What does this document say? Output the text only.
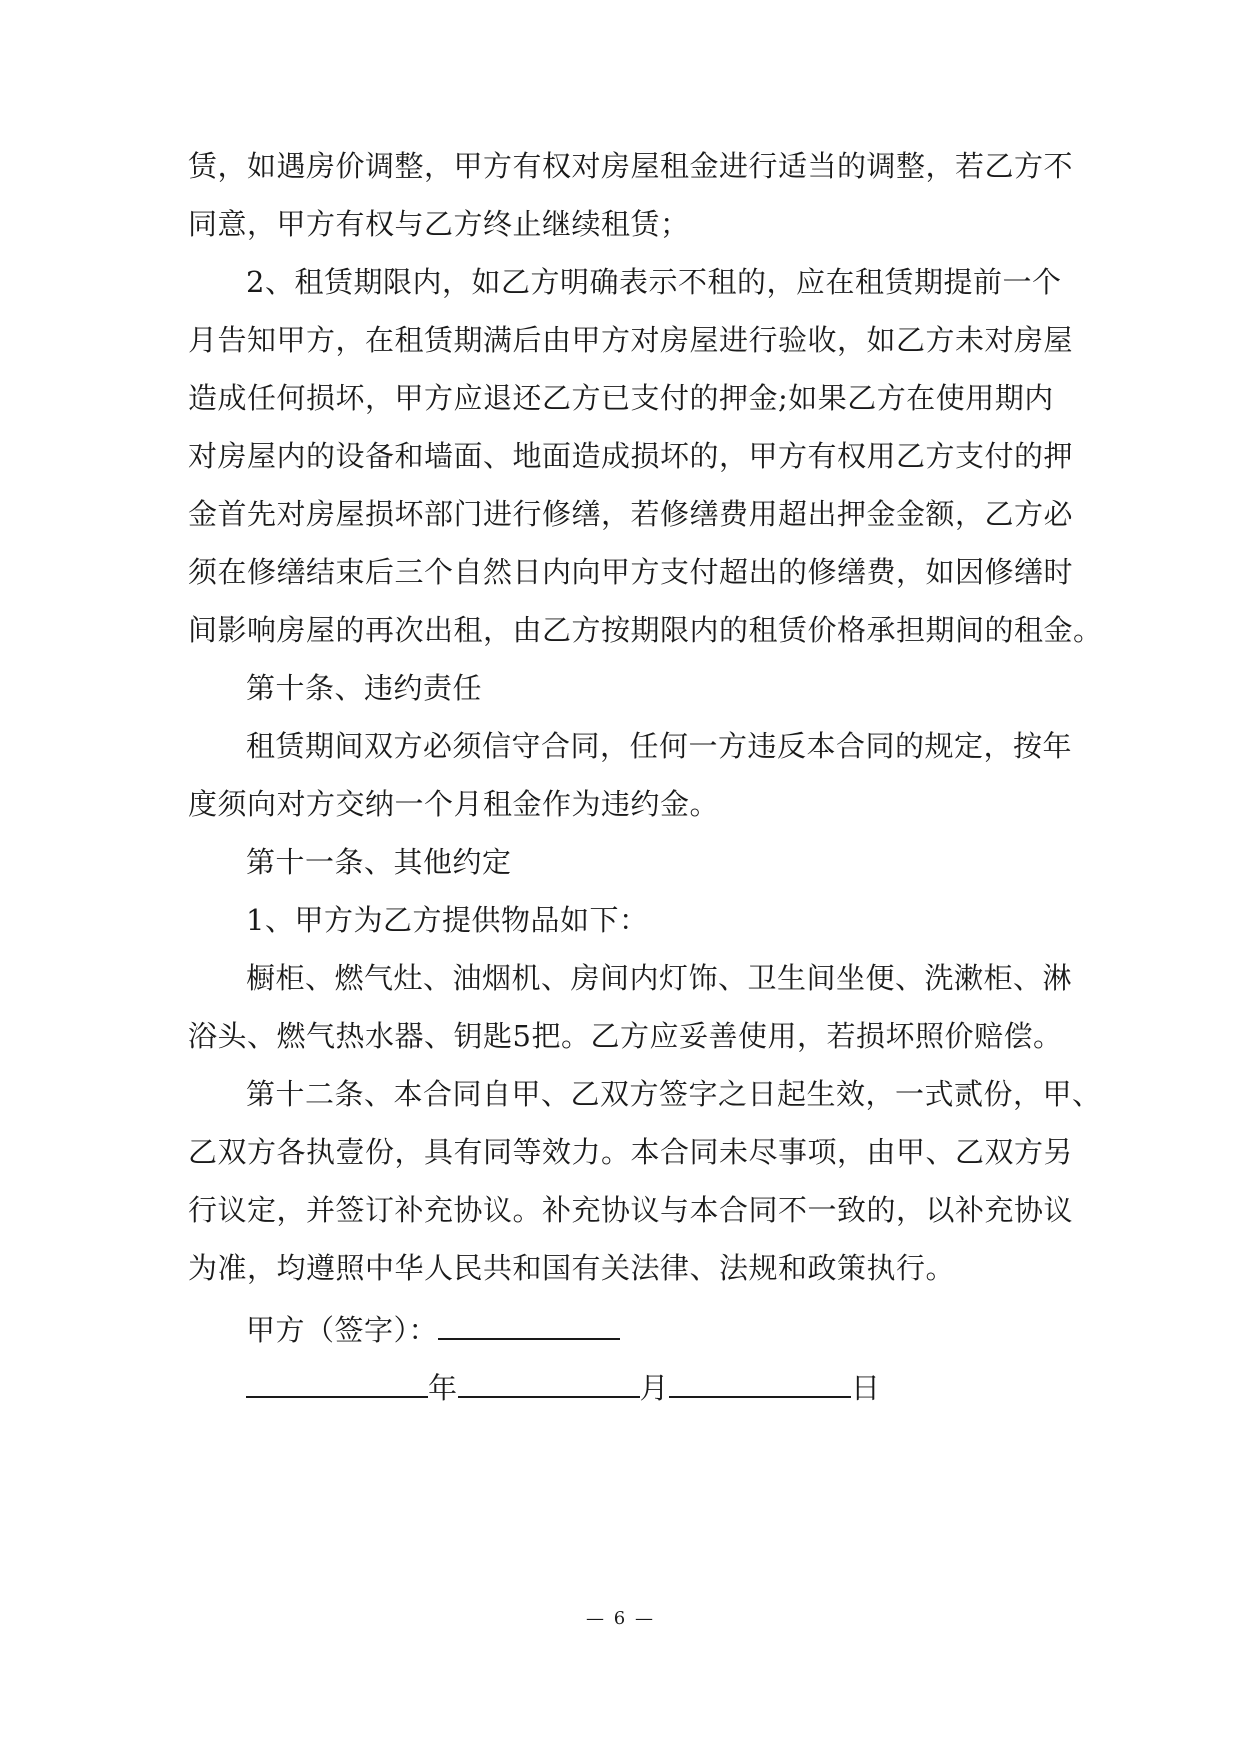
赁，如遇房价调整，甲方有权对房屋租金进行适当的调整，若乙方不
同意，甲方有权与乙方终止继续租赁；
2、租赁期限内，如乙方明确表示不租的，应在租赁期提前一个
月告知甲方，在租赁期满后由甲方对房屋进行验收，如乙方未对房屋
造成任何损坏，甲方应退还乙方已支付的押金;如果乙方在使用期内
对房屋内的设备和墙面、地面造成损坏的，甲方有权用乙方支付的押
金首先对房屋损坏部门进行修缮，若修缮费用超出押金金额，乙方必
须在修缮结束后三个自然日内向甲方支付超出的修缮费，如因修缮时
间影响房屋的再次出租，由乙方按期限内的租赁价格承担期间的租金。
第十条、违约责任
租赁期间双方必须信守合同，任何一方违反本合同的规定，按年
度须向对方交纳一个月租金作为违约金。
第十一条、其他约定
1、甲方为乙方提供物品如下：
橱柜、燃气灶、油烟机、房间内灯饰、卫生间坐便、洗漱柜、淋
浴头、燃气热水器、钥匙5把。乙方应妥善使用，若损坏照价赔偿。
第十二条、本合同自甲、乙双方签字之日起生效，一式贰份，甲、
乙双方各执壹份，具有同等效力。本合同未尽事项，由甲、乙双方另
行议定，并签订补充协议。补充协议与本合同不一致的，以补充协议
为准，均遵照中华人民共和国有关法律、法规和政策执行。
甲方（签字）：
年	月	日
— 6 —
